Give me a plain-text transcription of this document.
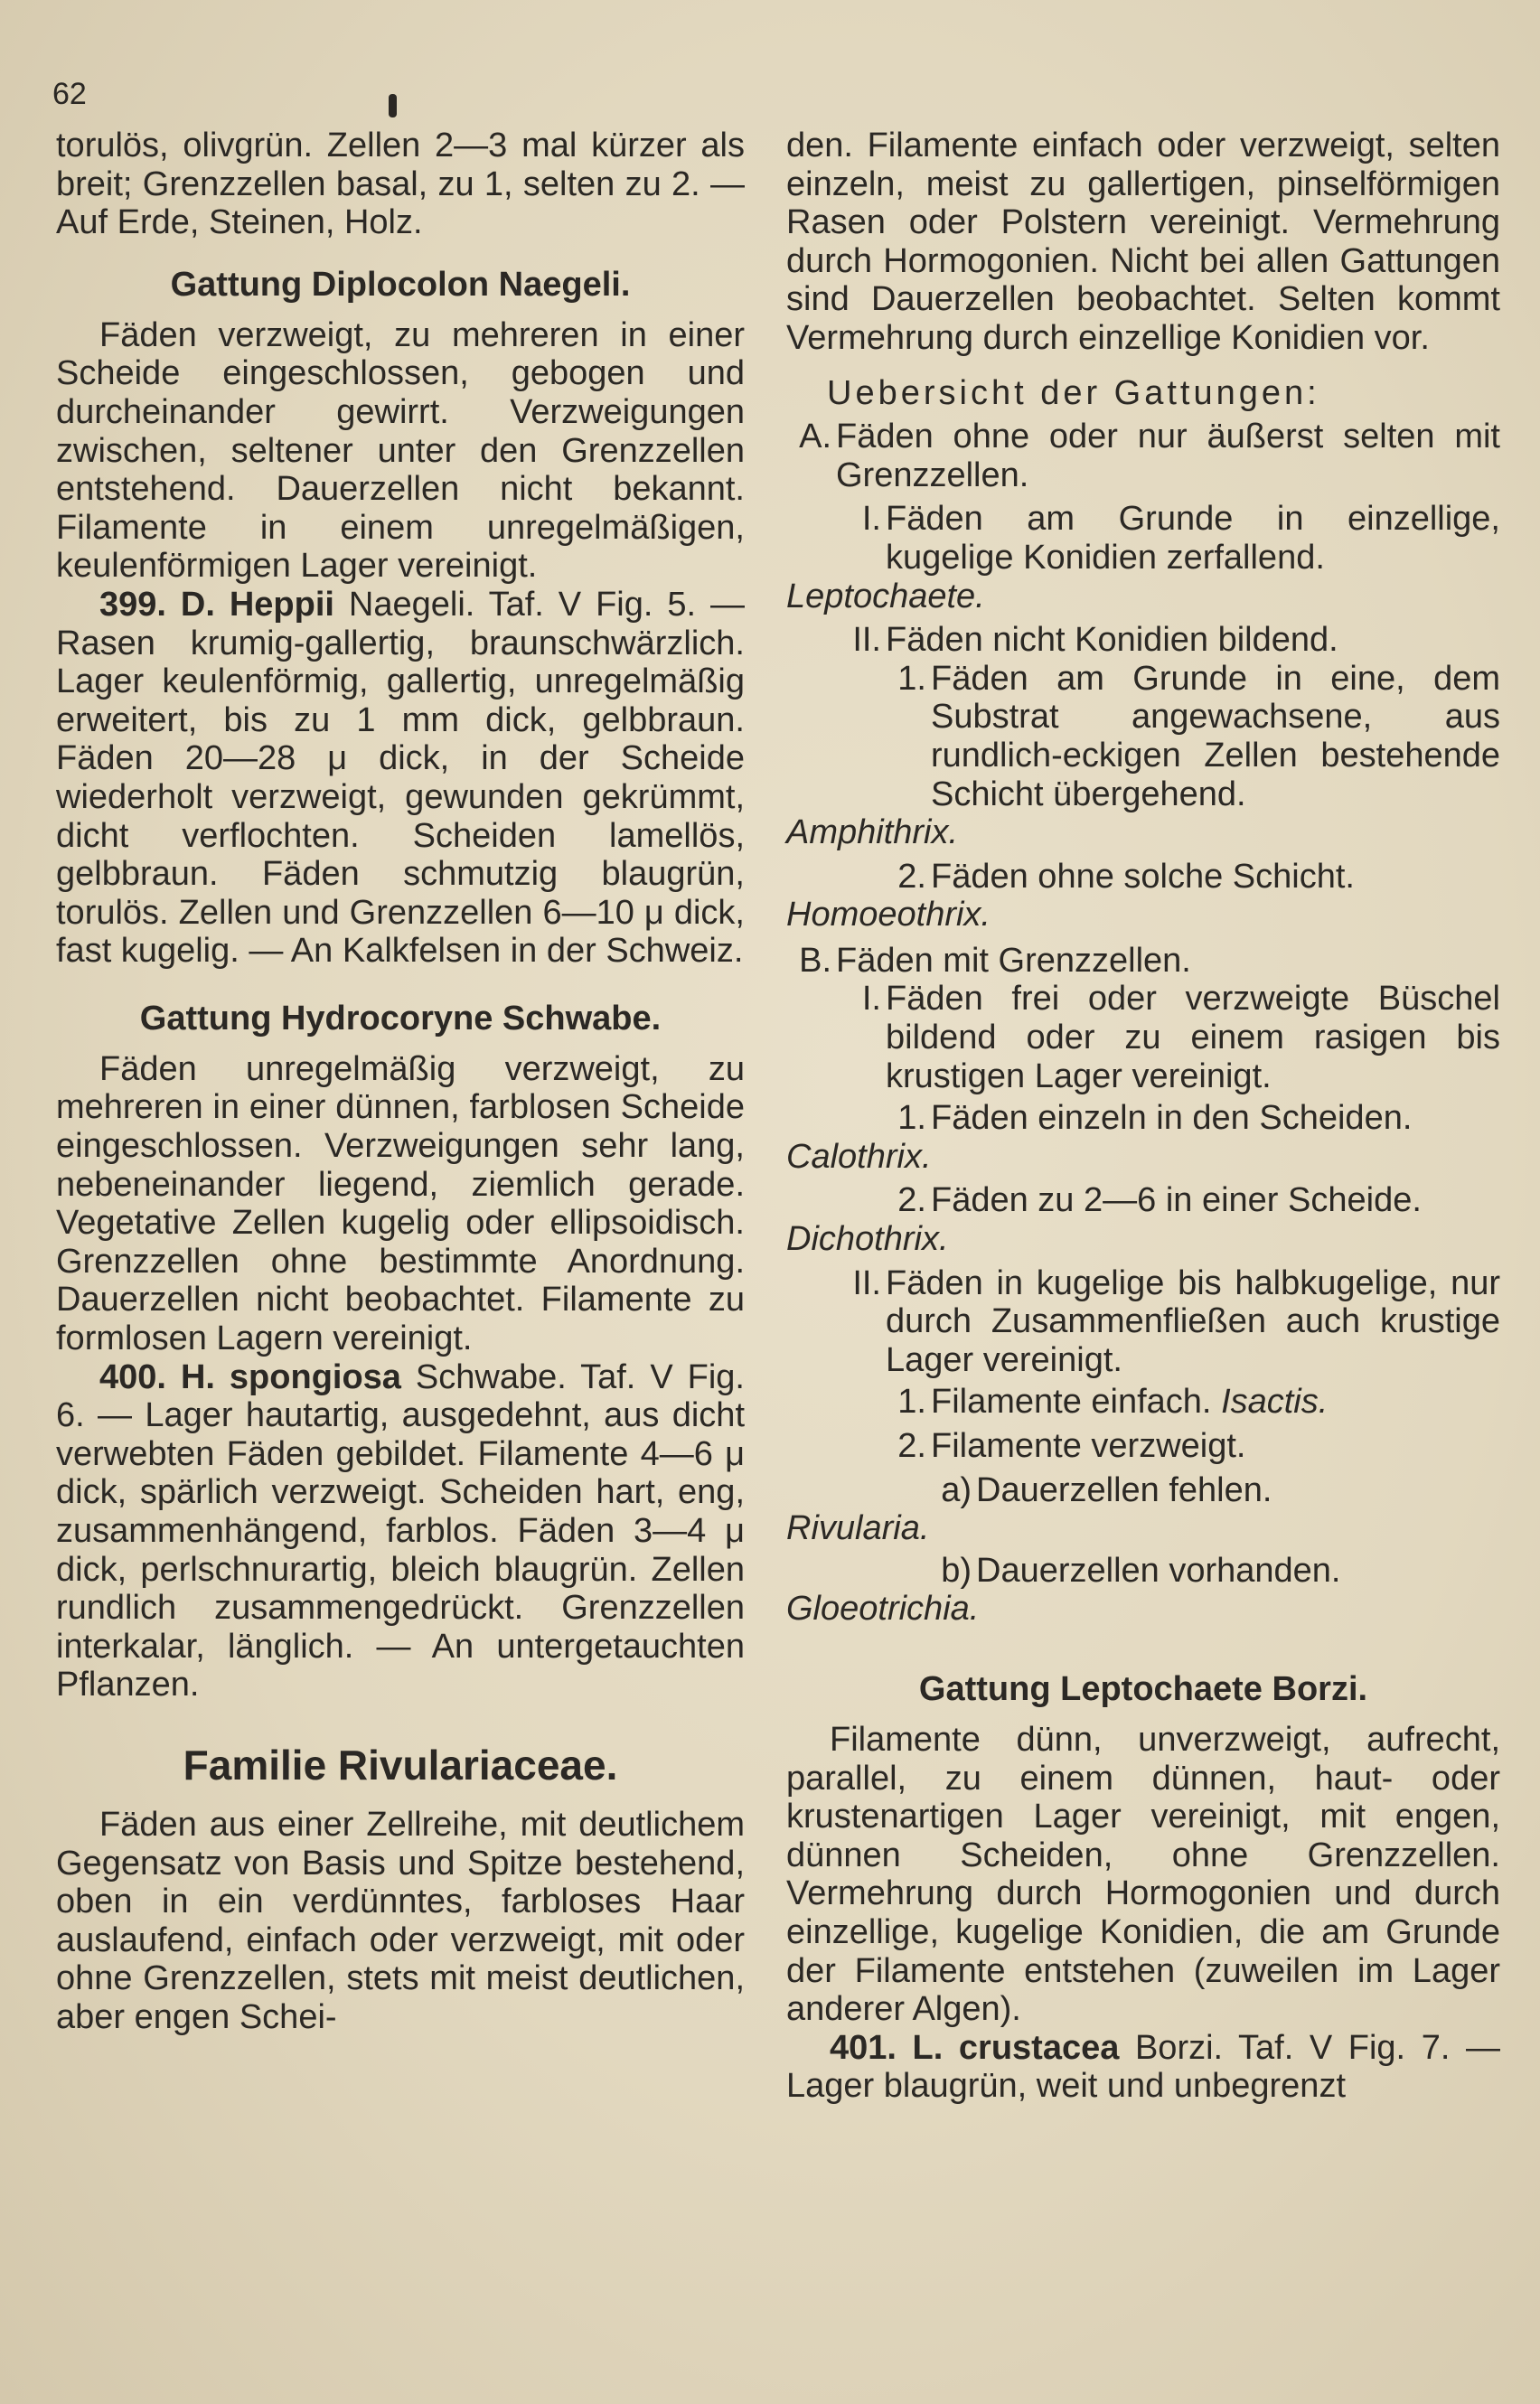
62

torulös, olivgrün. Zellen 2—3 mal kürzer als breit; Grenzzellen basal, zu 1, selten zu 2. — Auf Erde, Steinen, Holz.

Gattung Diplocolon Naegeli.

Fäden verzweigt, zu mehreren in einer Scheide eingeschlossen, gebogen und durcheinander gewirrt. Verzweigungen zwischen, seltener unter den Grenzzellen entstehend. Dauerzellen nicht bekannt. Filamente in einem unregelmäßigen, keulenförmigen Lager vereinigt.

399. D. Heppii Naegeli. Taf. V Fig. 5. — Rasen krumig-gallertig, braunschwärzlich. Lager keulenförmig, gallertig, unregelmäßig erweitert, bis zu 1 mm dick, gelbbraun. Fäden 20—28 μ dick, in der Scheide wiederholt verzweigt, gewunden gekrümmt, dicht verflochten. Scheiden lamellös, gelbbraun. Fäden schmutzig blaugrün, torulös. Zellen und Grenzzellen 6—10 μ dick, fast kugelig. — An Kalkfelsen in der Schweiz.

Gattung Hydrocoryne Schwabe.

Fäden unregelmäßig verzweigt, zu mehreren in einer dünnen, farblosen Scheide eingeschlossen. Verzweigungen sehr lang, nebeneinander liegend, ziemlich gerade. Vegetative Zellen kugelig oder ellipsoidisch. Grenzzellen ohne bestimmte Anordnung. Dauerzellen nicht beobachtet. Filamente zu formlosen Lagern vereinigt.

400. H. spongiosa Schwabe. Taf. V Fig. 6. — Lager hautartig, ausgedehnt, aus dicht verwebten Fäden gebildet. Filamente 4—6 μ dick, spärlich verzweigt. Scheiden hart, eng, zusammenhängend, farblos. Fäden 3—4 μ dick, perlschnurartig, bleich blaugrün. Zellen rundlich zusammengedrückt. Grenzzellen interkalar, länglich. — An untergetauchten Pflanzen.

Familie Rivulariaceae.

Fäden aus einer Zellreihe, mit deutlichem Gegensatz von Basis und Spitze bestehend, oben in ein verdünntes, farbloses Haar auslaufend, einfach oder verzweigt, mit oder ohne Grenzzellen, stets mit meist deutlichen, aber engen Schei-

den. Filamente einfach oder verzweigt, selten einzeln, meist zu gallertigen, pinselförmigen Rasen oder Polstern vereinigt. Vermehrung durch Hormogonien. Nicht bei allen Gattungen sind Dauerzellen beobachtet. Selten kommt Vermehrung durch einzellige Konidien vor.

Uebersicht der Gattungen:

A. Fäden ohne oder nur äußerst selten mit Grenzzellen.

I. Fäden am Grunde in einzellige, kugelige Konidien zerfallend.

Leptochaete.

II. Fäden nicht Konidien bildend.

1. Fäden am Grunde in eine, dem Substrat angewachsene, aus rundlich-eckigen Zellen bestehende Schicht übergehend.

Amphithrix.

2. Fäden ohne solche Schicht.

Homoeothrix.

B. Fäden mit Grenzzellen.

I. Fäden frei oder verzweigte Büschel bildend oder zu einem rasigen bis krustigen Lager vereinigt.

1. Fäden einzeln in den Scheiden.

Calothrix.

2. Fäden zu 2—6 in einer Scheide.

Dichothrix.

II. Fäden in kugelige bis halbkugelige, nur durch Zusammenfließen auch krustige Lager vereinigt.

1. Filamente einfach. Isactis.

2. Filamente verzweigt.

a) Dauerzellen fehlen.

Rivularia.

b) Dauerzellen vorhanden.

Gloeotrichia.

Gattung Leptochaete Borzi.

Filamente dünn, unverzweigt, aufrecht, parallel, zu einem dünnen, haut- oder krustenartigen Lager vereinigt, mit engen, dünnen Scheiden, ohne Grenzzellen. Vermehrung durch Hormogonien und durch einzellige, kugelige Konidien, die am Grunde der Filamente entstehen (zuweilen im Lager anderer Algen).

401. L. crustacea Borzi. Taf. V Fig. 7. — Lager blaugrün, weit und unbegrenzt
